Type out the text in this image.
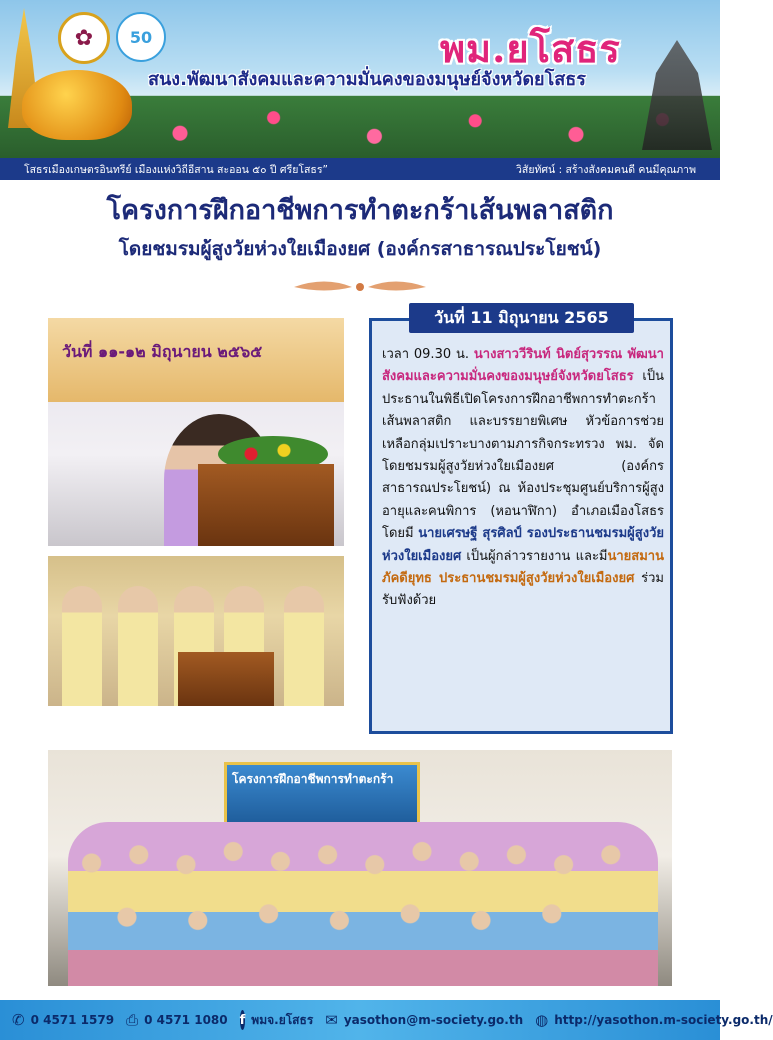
✿	50	พม.ยโสธร
สนง.พัฒนาสังคมและความมั่นคงของมนุษย์จังหวัดยโสธร
โสธรเมืองเกษตรอินทรีย์ เมืองแห่งวิถีอีสาน สะออน ๕๐ ปี ศรียโสธร”	วิสัยทัศน์ : สร้างสังคมคนดี คนมีคุณภาพ
โครงการฝึกอาชีพการทำตะกร้าเส้นพลาสติก
โดยชมรมผู้สูงวัยห่วงใยเมืองยศ (องค์กรสาธารณประโยชน์)
วันที่ ๑๑-๑๒ มิถุนายน ๒๕๖๕
วันที่ 11 มิถุนายน 2565
เวลา 09.30 น. นางสาววีรินท์ นิตย์สุวรรณ พัฒนาสังคมและความมั่นคงของมนุษย์จังหวัดยโสธร เป็นประธานในพิธีเปิดโครงการฝึกอาชีพการทำตะกร้าเส้นพลาสติก และบรรยายพิเศษ หัวข้อการช่วยเหลือกลุ่มเปราะบางตามภารกิจกระทรวง พม. จัดโดยชมรมผู้สูงวัยห่วงใยเมืองยศ (องค์กรสาธารณประโยชน์) ณ ห้องประชุมศูนย์บริการผู้สูงอายุและคนพิการ (หอนาฬิกา) อำเภอเมืองโสธร โดยมี นายเศรษฐี สุรศิลป์ รองประธานชมรมผู้สูงวัยห่วงใยเมืองยศ เป็นผู้กล่าวรายงาน และมีนายสมาน ภัคดียุทธ ประธานชมรมผู้สูงวัยห่วงใยเมืองยศ ร่วมรับฟังด้วย
โครงการฝึกอาชีพการทำตะกร้า
✆ 0 4571 1579 ⎙ 0 4571 1080 f พมจ.ยโสธร ✉ yasothon@m-society.go.th ◍ http://yasothon.m-society.go.th/
